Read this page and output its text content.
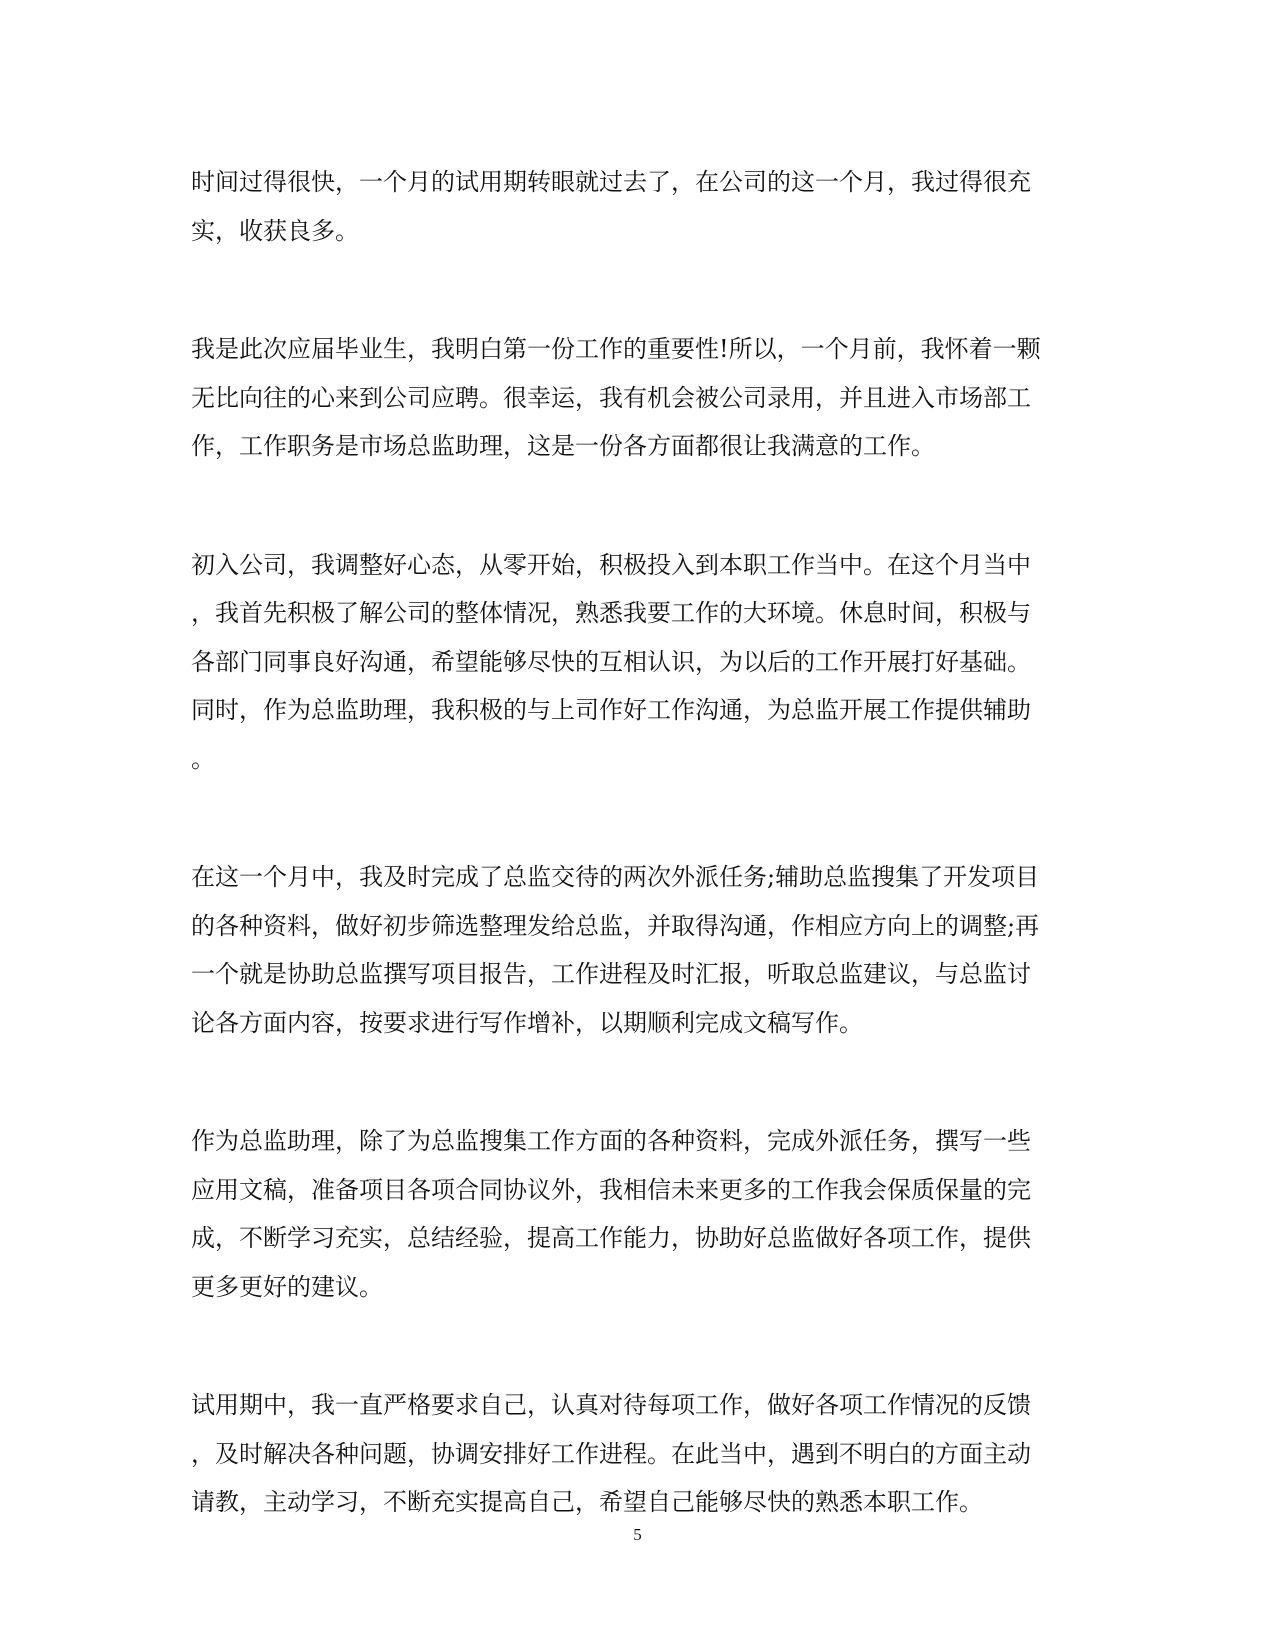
时间过得很快，一个月的试用期转眼就过去了，在公司的这一个月，我过得很充
实，收获良多。

我是此次应届毕业生，我明白第一份工作的重要性!所以，一个月前，我怀着一颗
无比向往的心来到公司应聘。很幸运，我有机会被公司录用，并且进入市场部工
作，工作职务是市场总监助理，这是一份各方面都很让我满意的工作。

初入公司，我调整好心态，从零开始，积极投入到本职工作当中。在这个月当中
，我首先积极了解公司的整体情况，熟悉我要工作的大环境。休息时间，积极与
各部门同事良好沟通，希望能够尽快的互相认识，为以后的工作开展打好基础。
同时，作为总监助理，我积极的与上司作好工作沟通，为总监开展工作提供辅助
。

在这一个月中，我及时完成了总监交待的两次外派任务;辅助总监搜集了开发项目
的各种资料，做好初步筛选整理发给总监，并取得沟通，作相应方向上的调整;再
一个就是协助总监撰写项目报告，工作进程及时汇报，听取总监建议，与总监讨
论各方面内容，按要求进行写作增补，以期顺利完成文稿写作。

作为总监助理，除了为总监搜集工作方面的各种资料，完成外派任务，撰写一些
应用文稿，准备项目各项合同协议外，我相信未来更多的工作我会保质保量的完
成，不断学习充实，总结经验，提高工作能力，协助好总监做好各项工作，提供
更多更好的建议。

试用期中，我一直严格要求自己，认真对待每项工作，做好各项工作情况的反馈
，及时解决各种问题，协调安排好工作进程。在此当中，遇到不明白的方面主动
请教，主动学习，不断充实提高自己，希望自己能够尽快的熟悉本职工作。

5
